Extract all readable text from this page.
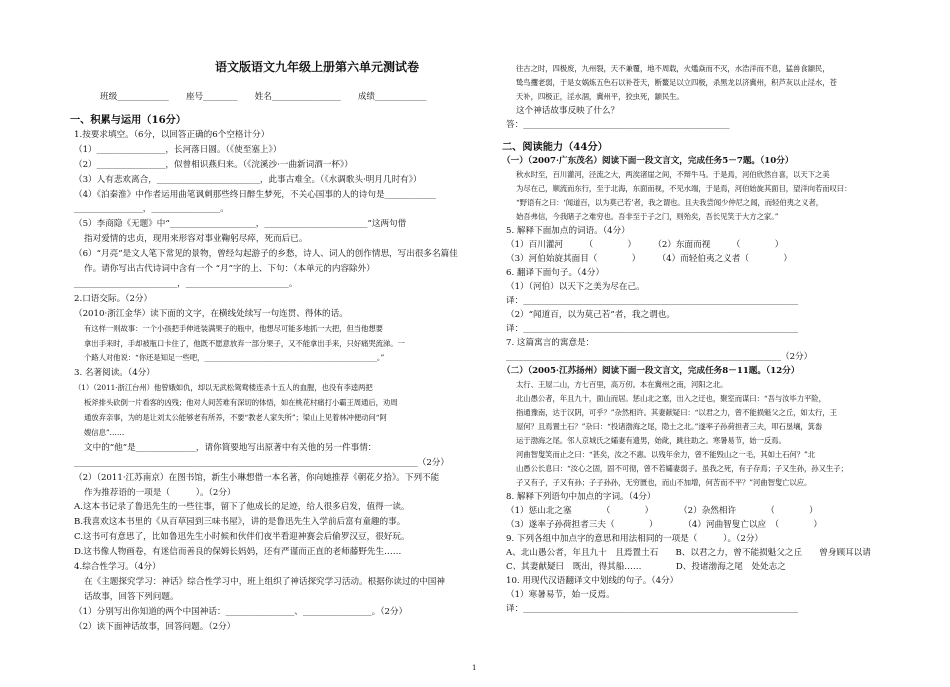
语文版语文九年级上册第六单元测试卷
班级____________　　座号________　　姓名________________　　成绩____________
一、积累与运用（16分）
1.按要求填空。（6分，以回答正确的6个空格计分）
（1）________________，长河落日圆。（《使至塞上》）
（2）________________，似曾相识燕归来。（《浣溪沙·一曲新词酒一杯》）
（3）人有悲欢离合，________________________，此事古难全。（《水调歌头·明月几时有》）
（4）《泊秦淮》中作者运用曲笔讽刺那些终日醉生梦死，不关心国事的人的诗句是____________
________________，________________。
（5）李商隐《无题》中“____________________，________________________”这两句借
指对爱情的忠贞，现用来形容对事业鞠躬尽瘁，死而后已。
（6）“月亮”是文人笔下常见的景物，曾经勾起游子的乡愁，诗人、词人的创作情思，写出很多名篇佳
作。请你写出古代诗词中含有一个 “月”字的上、下句：（本单元的内容除外）
________________________，________________________。
2.口语交际。（2分）
（2010·浙江金华）读下面的文字，在横线处续写一句连贯、得体的话。
有这样一则故事：一个小孩把手伸进装满果子的瓶中，他想尽可能多地抓一大把，但当他想要
拿出手来时，手却被瓶口卡住了，他既不愿意放弃一部分果子，又不能拿出手来，只好痛哭流涕。一
个路人对他说：“你还是知足一些吧，________________________________________________。”
3. 名著阅读。（4分）
（1）（2011·浙江台州）他曾娥如仇，却以无武松鸳鸯楼连杀十五人的血腥，也没有李逵两把
板斧排头砍倒一片看客的凶残；他对人间苦难有深切的体悟，如在桃花村痛打小霸王周通后，劝周
通放弃亲事，为的是让刘太公能够老有所养，不要“教老人家失所”；梁山上见着林冲便动问“阿
嫂信息”……
文中的“他”是______________，请你简要地写出原著中有关他的另一件事情：
________________________________________________________________________________（2分）
（2）（2011·江苏南京）在图书馆，新生小琳想借一本名著，你向她推荐《朝花夕拾》。下列不能
作为推荐语的一项是（　　　）。（2分）
A.这本书记录了鲁迅先生的一些往事，留下了他成长的足迹，给人很多启发，值得一读。
B.我喜欢这本书里的《从百草园到三味书屋》，讲的是鲁迅先生入学前后富有童趣的事。
C.这书可有意思了，比如鲁迅先生小时候和伙伴们夜半看迎神赛会后偷罗汉豆，很好玩。
D.这书像人物画卷，有迷信而善良的保姆长妈妈，还有严谨而正直的老师藤野先生……
4.综合性学习。（4分）
在《主题探究学习：神话》综合性学习中，班上组织了神话探究学习活动。根据你读过的中国神
话故事，回答下列问题。
（1）分别写出你知道的两个中国神话：________________、________________。（2分）
（2）读下面神话故事，回答问题。（2分）
往古之时，四极废，九州裂，天不兼覆，地不周载，火爁焱而不灭，水浩洋而不息，猛兽食颛民，
鸷鸟攫老弱，于是女娲炼五色石以补苍天，断鳌足以立四极，杀黑龙以济冀州，积芦灰以止淫水，苍
天补，四极正，淫水涸，冀州平，狡虫死，颛民生。
这个神话故事反映了什么？
答：________________________________________________
二、阅读能力（44分）
（一）（2007·广东茂名）阅读下面一段文言文，完成任务5－7题。（10分）
秋水时至，百川灌河，泾流之大，两涘渚崖之间，不辩牛马。于是焉，河伯欣然自喜，以天下之美
为尽在己，顺流而东行，至于北海，东面而视，不见水端，于是焉，河伯始旋其面目，望洋向若而叹曰：
“野语有之曰：‘闻道百，以为莫己若’者，我之谓也。且夫我尝闻少仲尼之闻，而轻伯夷之义者，
始吾弗信，今我睹子之难穷也。吾非至于子之门，则殆矣，吾长见笑于大方之家。”
5. 解释下面加点的词语。（4分）
（1）百川灌河　　　（　　　　）　　　（2）东面而视　　　（　　　　）
（3）河伯始旋其面目（　　　　）　　　（4）而轻伯夷之义者（　　　　）
6. 翻译下面句子。（4分）
（1）（河伯）以天下之美为尽在己。
译：________________________________________________________________
（2）“闻道百，以为莫己若”者，我之谓也。
译：________________________________________________________________
7. 这篇寓言的寓意是：
________________________________________________________________（2分）
（二）（2005·江苏扬州）阅读下面一段文言文，完成任务8－11题。（12分）
太行、王屋二山，方七百里，高万仞。本在冀州之南，河阳之北。
北山愚公者，年且九十，面山而居。惩山北之塞，出入之迂也，聚室而谋曰：“吾与汝毕力平险，
指通豫南，达于汉阴，可乎？”杂然相许。其妻献疑曰：“以君之力，曾不能损魁父之丘，如太行，王
屋何？且焉置土石？”杂曰：“投诸渤海之尾，隐土之北。”遂率子孙荷担者三夫，叩石垦壤，箕畚
运于渤海之尾。邻人京城氏之孀妻有遗男，始龀，跳往助之。寒暑易节，始一反焉。
河曲智叟笑而止之曰：“甚矣，汝之不惠。以残年余力，曾不能毁山之一毛，其如土石何？”北
山愚公长息曰：“汝心之固，固不可彻，曾不若孀妻弱子。虽我之死，有子存焉；子又生孙，孙又生子；
子又有子，子又有孙；子子孙孙，无穷匮也，而山不加增，何苦而不平？”河曲智叟亡以应。
8. 解释下列语句中加点的字词。（4分）
（1）惩山北之塞　　　　（　　　　）　　　　（2）杂然相许　　　　（　　　　）
（3）遂率子孙荷担者三夫（　　　　）　　　　（4）河曲智叟亡以应　（　　　　）
9. 下列各组中加点字的意思和用法相同的一项是（　　　）。（2分）
A、北山愚公者，年且九十　且焉置土石　　B、以君之力，曾不能损魁父之丘　　曾身顾耳以请
C、其妻献疑曰　既出，得其船……　　　　D、投诸渤海之尾　处处志之
10. 用现代汉语翻译文中划线的句子。（4分）
（1）寒暑易节，始一反焉。
译：________________________________________________________________
1
